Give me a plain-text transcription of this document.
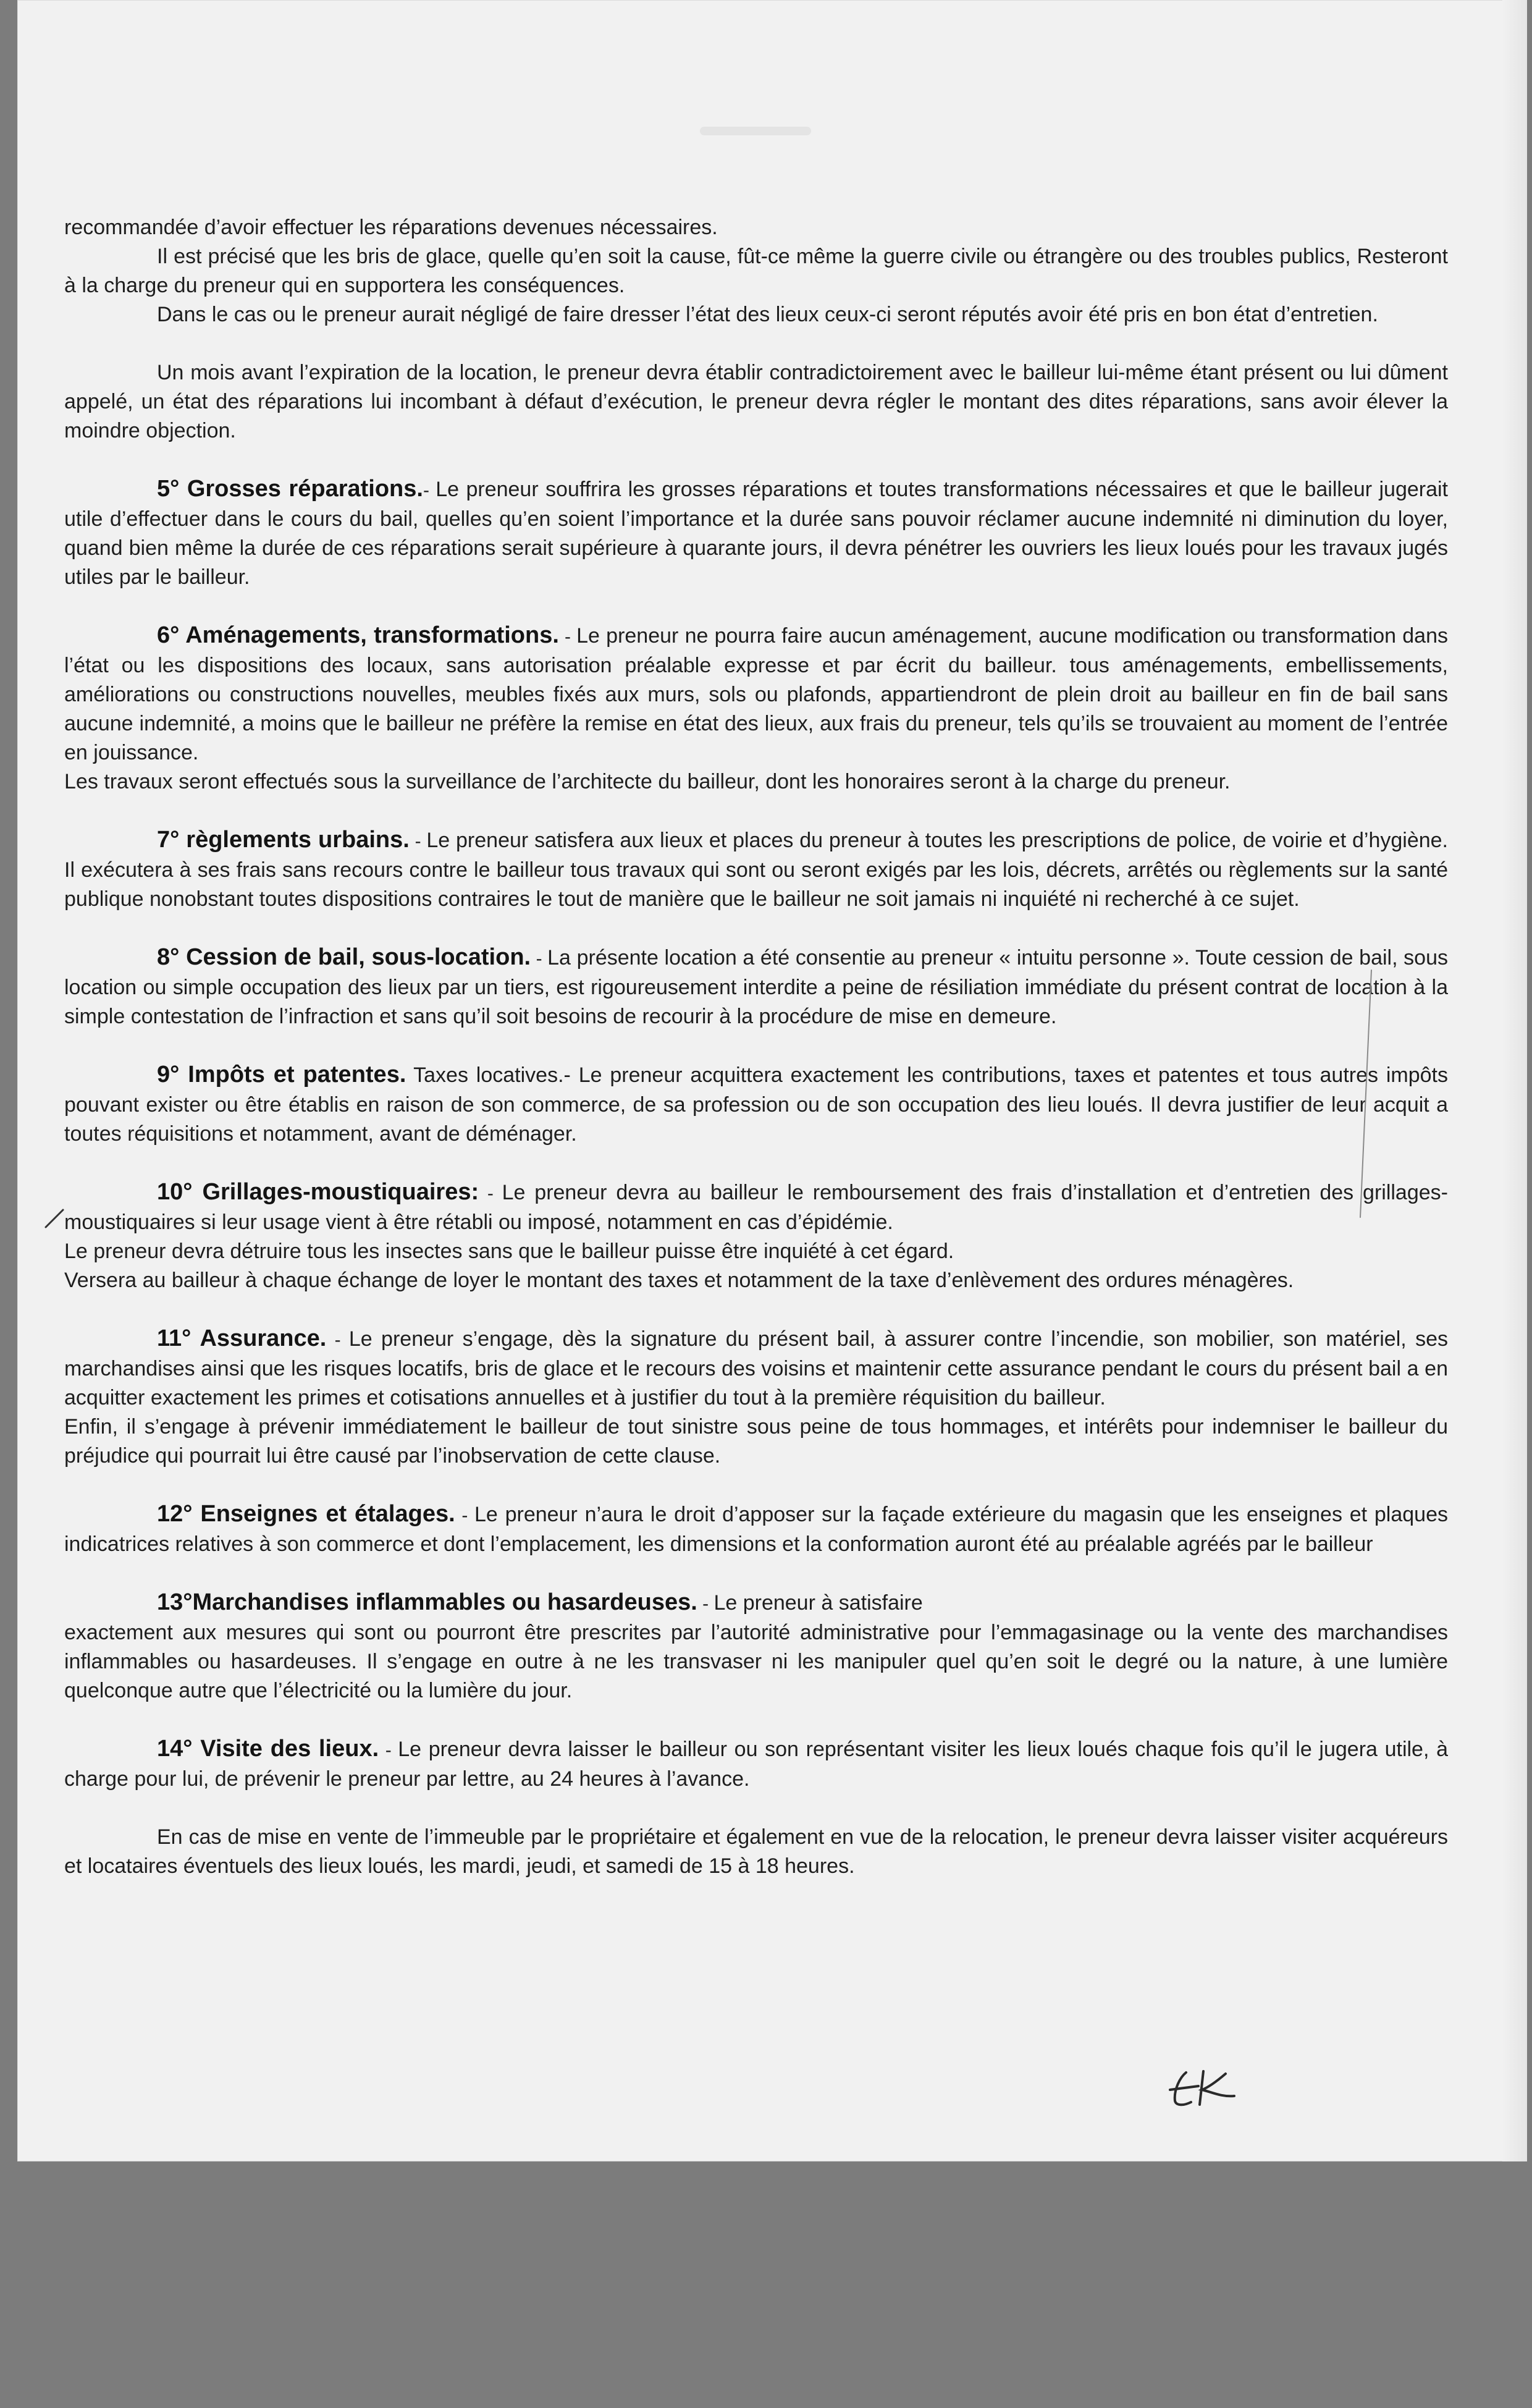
recommandée d’avoir effectuer les réparations devenues nécessaires.

Il est précisé que les bris de glace, quelle qu’en soit la cause, fût-ce même la guerre civile ou étrangère ou des troubles publics, Resteront à la charge du preneur qui en supportera les conséquences.

Dans le cas ou le preneur aurait négligé de faire dresser l’état des lieux ceux-ci seront réputés avoir été pris en bon état d’entretien.

Un mois avant l’expiration de la location, le preneur devra établir contradictoirement avec le bailleur lui-même étant présent ou lui dûment appelé, un état des réparations lui incombant à défaut d’exécution, le preneur devra régler le montant des dites réparations, sans avoir élever la moindre objection.

5° Grosses réparations.- Le preneur souffrira les grosses réparations et toutes transformations nécessaires et que le bailleur jugerait utile d’effectuer dans le cours du bail, quelles qu’en soient l’importance et la durée sans pouvoir réclamer aucune indemnité ni diminution du loyer, quand bien même la durée de ces réparations serait supérieure à quarante jours, il devra pénétrer les ouvriers les lieux loués pour les travaux jugés utiles par le bailleur.

6° Aménagements, transformations. - Le preneur ne pourra faire aucun aménagement, aucune modification ou transformation dans l’état ou les dispositions des locaux, sans autorisation préalable expresse et par écrit du bailleur. tous aménagements, embellissements, améliorations ou constructions nouvelles, meubles fixés aux murs, sols ou plafonds, appartiendront de plein droit au bailleur en fin de bail sans aucune indemnité, a moins que le bailleur ne préfère la remise en état des lieux, aux frais du preneur, tels qu’ils se trouvaient au moment de l’entrée en jouissance.

Les travaux seront effectués sous la surveillance de l’architecte du bailleur, dont les honoraires seront à la charge du preneur.

7° règlements urbains. - Le preneur satisfera aux lieux et places du preneur à toutes les prescriptions de police, de voirie et d’hygiène. Il exécutera à ses frais sans recours contre le bailleur tous travaux qui sont ou seront exigés par les lois, décrets, arrêtés ou règlements sur la santé publique nonobstant toutes dispositions contraires le tout de manière que le bailleur ne soit jamais ni inquiété ni recherché à ce sujet.

8° Cession de bail, sous-location. - La présente location a été consentie au preneur « intuitu personne ». Toute cession de bail, sous location ou simple occupation des lieux par un tiers, est rigoureusement interdite a peine de résiliation immédiate du présent contrat de location à la simple contestation de l’infraction et sans qu’il soit besoins de recourir à la procédure de mise en demeure.

9° Impôts et patentes. Taxes locatives.- Le preneur acquittera exactement les contributions, taxes et patentes et tous autres impôts pouvant exister ou être établis en raison de son commerce, de sa profession ou de son occupation des lieu loués. Il devra justifier de leur acquit a toutes réquisitions et notamment, avant de déménager.

10° Grillages-moustiquaires: - Le preneur devra au bailleur le remboursement des frais d’installation et d’entretien des grillages-moustiquaires si leur usage vient à être rétabli ou imposé, notamment en cas d’épidémie.

Le preneur devra détruire tous les insectes sans que le bailleur puisse être inquiété à cet égard.

Versera au bailleur à chaque échange de loyer le montant des taxes et notamment de la taxe d’enlèvement des ordures ménagères.

11° Assurance. - Le preneur s’engage, dès la signature du présent bail, à assurer contre l’incendie, son mobilier, son matériel, ses marchandises ainsi que les risques locatifs, bris de glace et le recours des voisins et maintenir cette assurance pendant le cours du présent bail a en acquitter exactement les primes et cotisations annuelles et à justifier du tout à la première réquisition du bailleur.

Enfin, il s’engage à prévenir immédiatement le bailleur de tout sinistre sous peine de tous hommages, et intérêts pour indemniser le bailleur du préjudice qui pourrait lui être causé par l’inobservation de cette clause.

12° Enseignes et étalages. - Le preneur n’aura le droit d’apposer sur la façade extérieure du magasin que les enseignes et plaques indicatrices relatives à son commerce et dont l’emplacement, les dimensions et la conformation auront été au préalable agréés par le bailleur

13°Marchandises inflammables ou hasardeuses. - Le preneur à satisfaire

exactement aux mesures qui sont ou pourront être prescrites par l’autorité administrative pour l’emmagasinage ou la vente des marchandises inflammables ou hasardeuses. Il s’engage en outre à ne les transvaser ni les manipuler quel qu’en soit le degré ou la nature, à une lumière quelconque autre que l’électricité ou la lumière du jour.

14° Visite des lieux. - Le preneur devra laisser le bailleur ou son représentant visiter les lieux loués chaque fois qu’il le jugera utile, à charge pour lui, de prévenir le preneur par lettre, au 24 heures à l’avance.

En cas de mise en vente de l’immeuble par le propriétaire et également en vue de la relocation, le preneur devra laisser visiter acquéreurs et locataires éventuels des lieux loués, les mardi, jeudi, et samedi de 15 à 18 heures.
